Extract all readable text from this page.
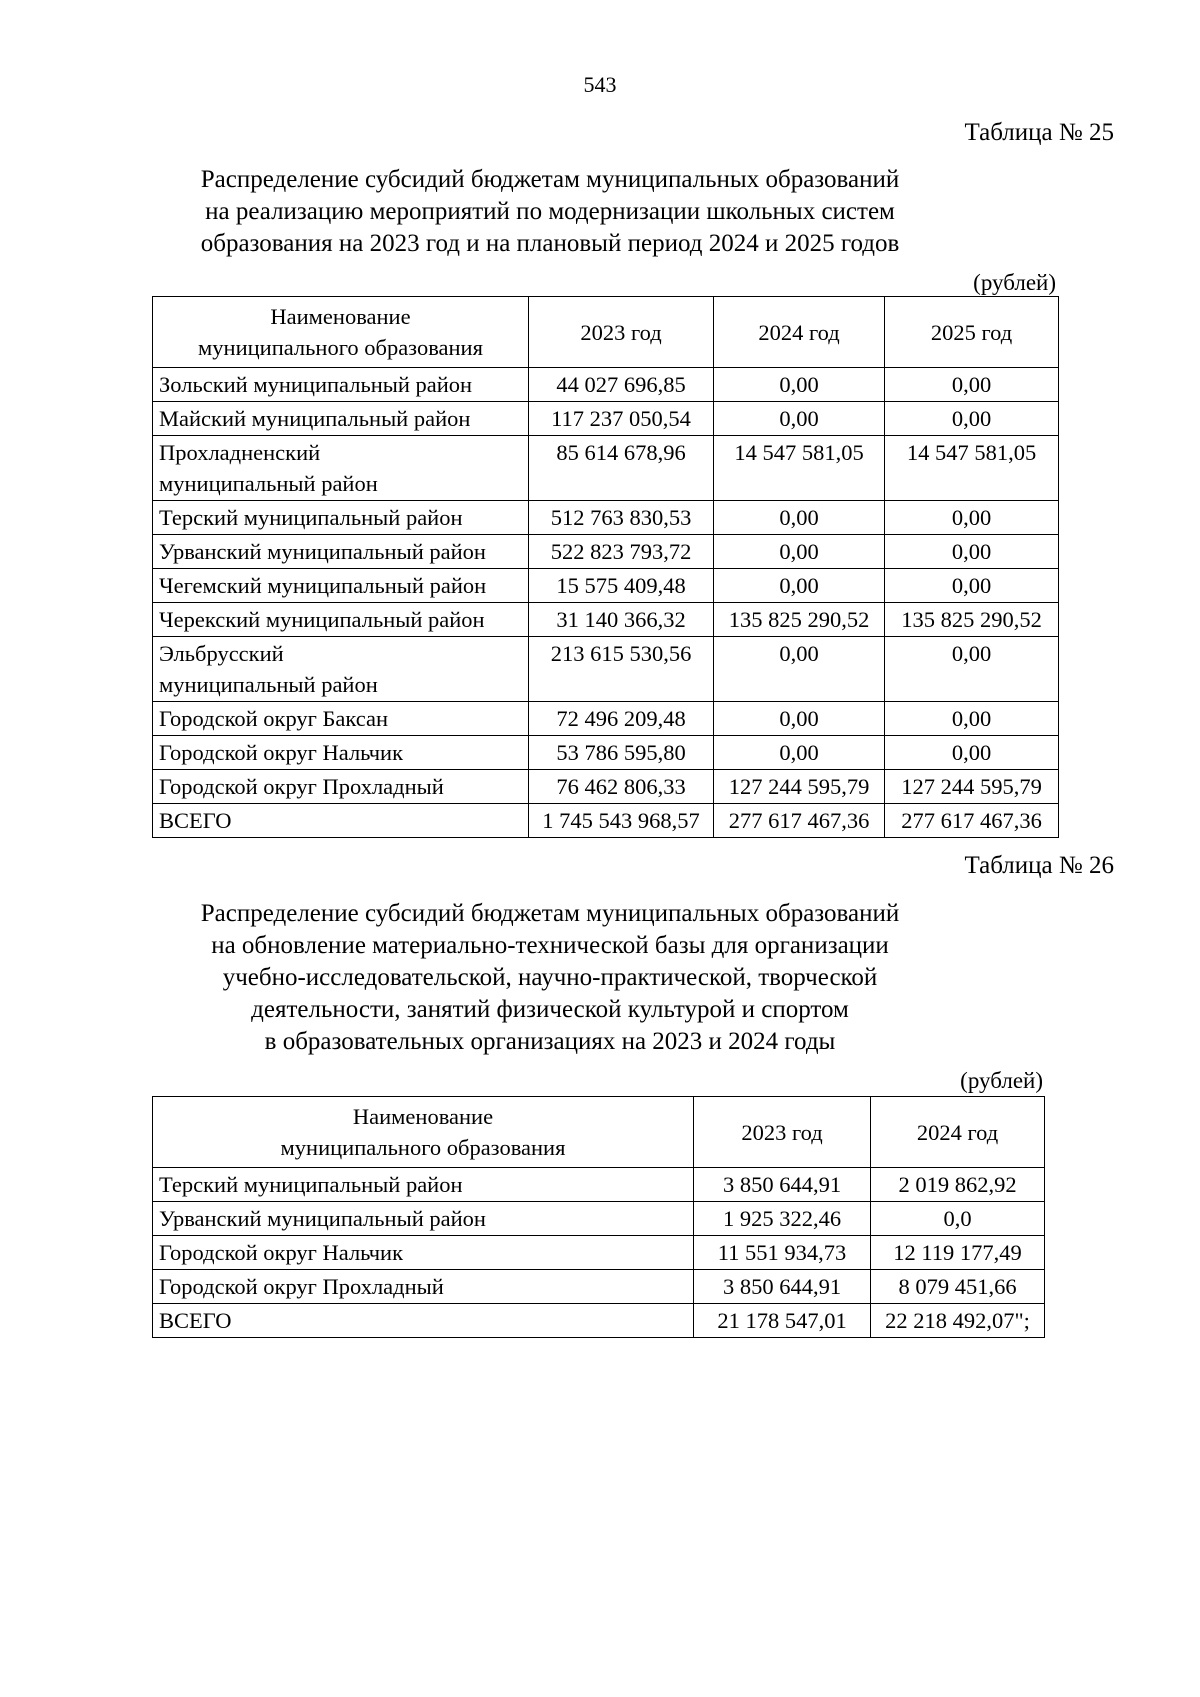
543
Таблица № 25
Распределение субсидий бюджетам муниципальных образований
на реализацию мероприятий по модернизации школьных систем
образования на 2023 год и на плановый период 2024 и 2025 годов
(рублей)
Наименование
муниципального образования	2023 год	2024 год	2025 год

Зольский муниципальный район	44 027 696,85	0,00	0,00

Майский муниципальный район	117 237 050,54	0,00	0,00

Прохладненский
муниципальный район	85 614 678,96	14 547 581,05	14 547 581,05

Терский муниципальный район	512 763 830,53	0,00	0,00

Урванский муниципальный район	522 823 793,72	0,00	0,00

Чегемский муниципальный район	15 575 409,48	0,00	0,00

Черекский муниципальный район	31 140 366,32	135 825 290,52	135 825 290,52

Эльбрусский
муниципальный район	213 615 530,56	0,00	0,00

Городской округ Баксан	72 496 209,48	0,00	0,00

Городской округ Нальчик	53 786 595,80	0,00	0,00

Городской округ Прохладный	76 462 806,33	127 244 595,79	127 244 595,79

ВСЕГО	1 745 543 968,57	277 617 467,36	277 617 467,36
Таблица № 26
Распределение субсидий бюджетам муниципальных образований
на обновление материально-технической базы для организации
учебно-исследовательской, научно-практической, творческой
деятельности, занятий физической культурой и спортом
в образовательных организациях на 2023 и 2024 годы
(рублей)
Наименование
муниципального образования	2023 год	2024 год

Терский муниципальный район	3 850 644,91	2 019 862,92

Урванский муниципальный район	1 925 322,46	0,0

Городской округ Нальчик	11 551 934,73	12 119 177,49

Городской округ Прохладный	3 850 644,91	8 079 451,66

ВСЕГО	21 178 547,01	22 218 492,07";
